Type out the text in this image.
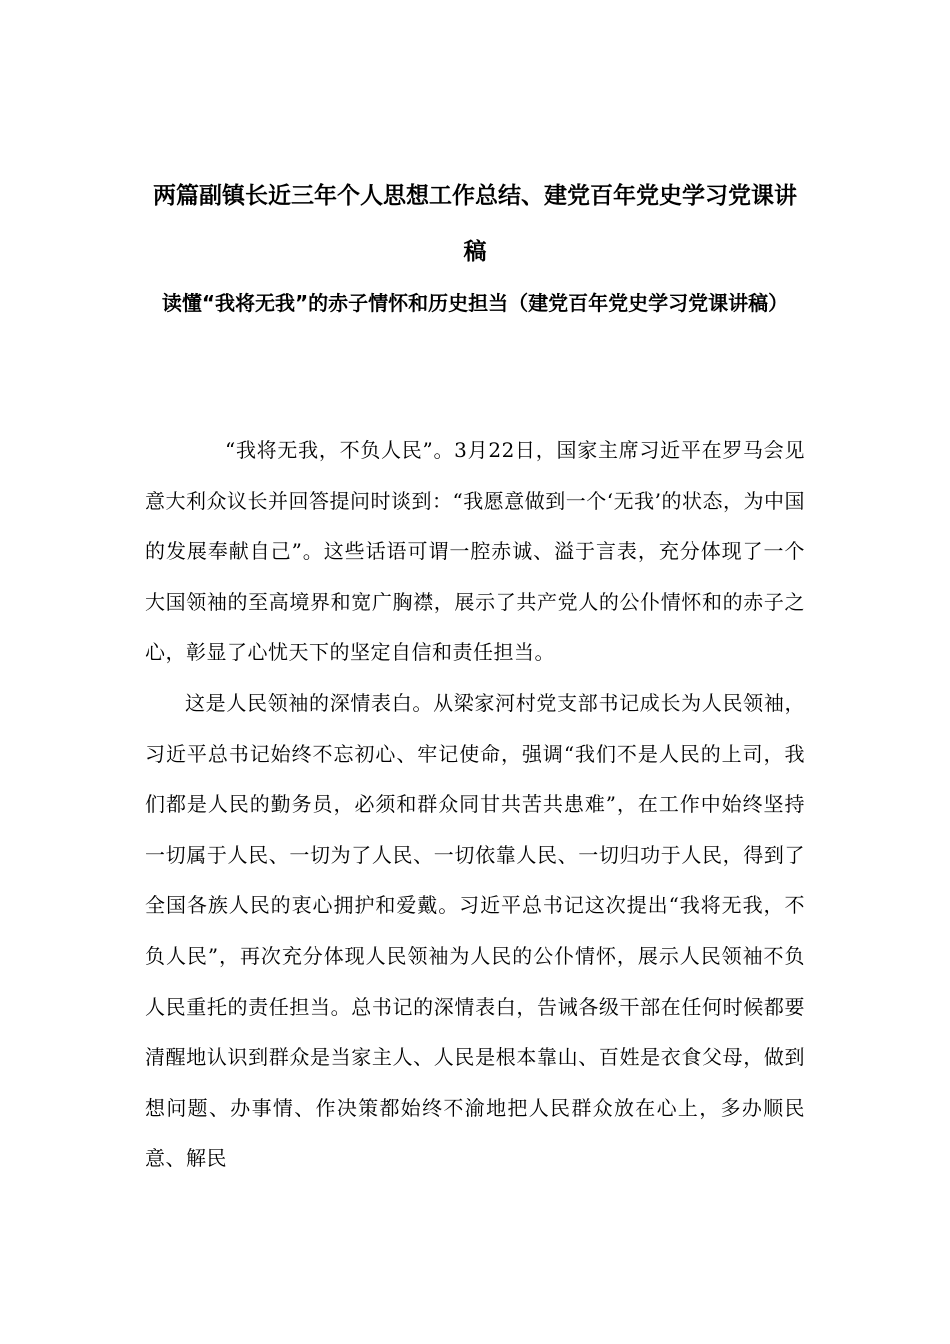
两篇副镇长近三年个人思想工作总结、建党百年党史学习党课讲稿
读懂“我将无我”的赤子情怀和历史担当（建党百年党史学习党课讲稿）

“我将无我，不负人民”。3月22日，国家主席习近平在罗马会见意大利众议长并回答提问时谈到：“我愿意做到一个‘无我’的状态，为中国的发展奉献自己”。这些话语可谓一腔赤诚、溢于言表，充分体现了一个大国领袖的至高境界和宽广胸襟，展示了共产党人的公仆情怀和的赤子之心，彰显了心忧天下的坚定自信和责任担当。

这是人民领袖的深情表白。从梁家河村党支部书记成长为人民领袖，习近平总书记始终不忘初心、牢记使命，强调“我们不是人民的上司，我们都是人民的勤务员，必须和群众同甘共苦共患难”，在工作中始终坚持一切属于人民、一切为了人民、一切依靠人民、一切归功于人民，得到了全国各族人民的衷心拥护和爱戴。习近平总书记这次提出“我将无我，不负人民”，再次充分体现人民领袖为人民的公仆情怀，展示人民领袖不负人民重托的责任担当。总书记的深情表白，告诫各级干部在任何时候都要清醒地认识到群众是当家主人、人民是根本靠山、百姓是衣食父母，做到想问题、办事情、作决策都始终不渝地把人民群众放在心上，多办顺民意、解民
